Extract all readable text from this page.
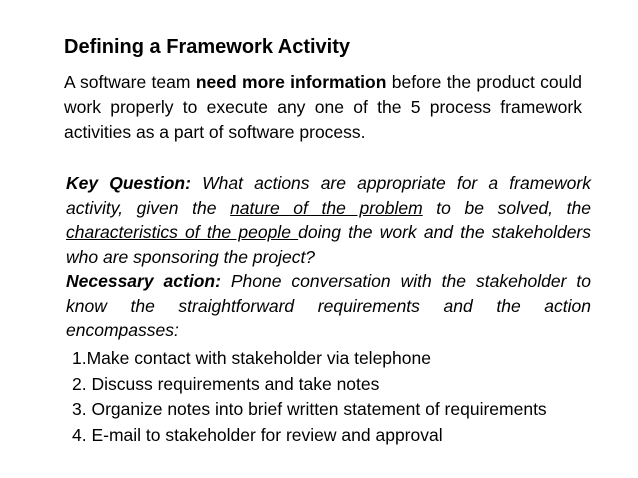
Defining a Framework Activity
A software team need more information before the product could work properly to execute any one of the 5 process framework activities as a part of software process.

Key Question: What actions are appropriate for a framework activity, given the nature of the problem to be solved, the characteristics of the people doing the work and the stakeholders who are sponsoring the project?

Necessary action: Phone conversation with the stakeholder to know the straightforward requirements and the action encompasses:

1.Make contact with stakeholder via telephone
2. Discuss requirements and take notes
3. Organize notes into brief written statement of requirements
4. E-mail to stakeholder for review and approval
